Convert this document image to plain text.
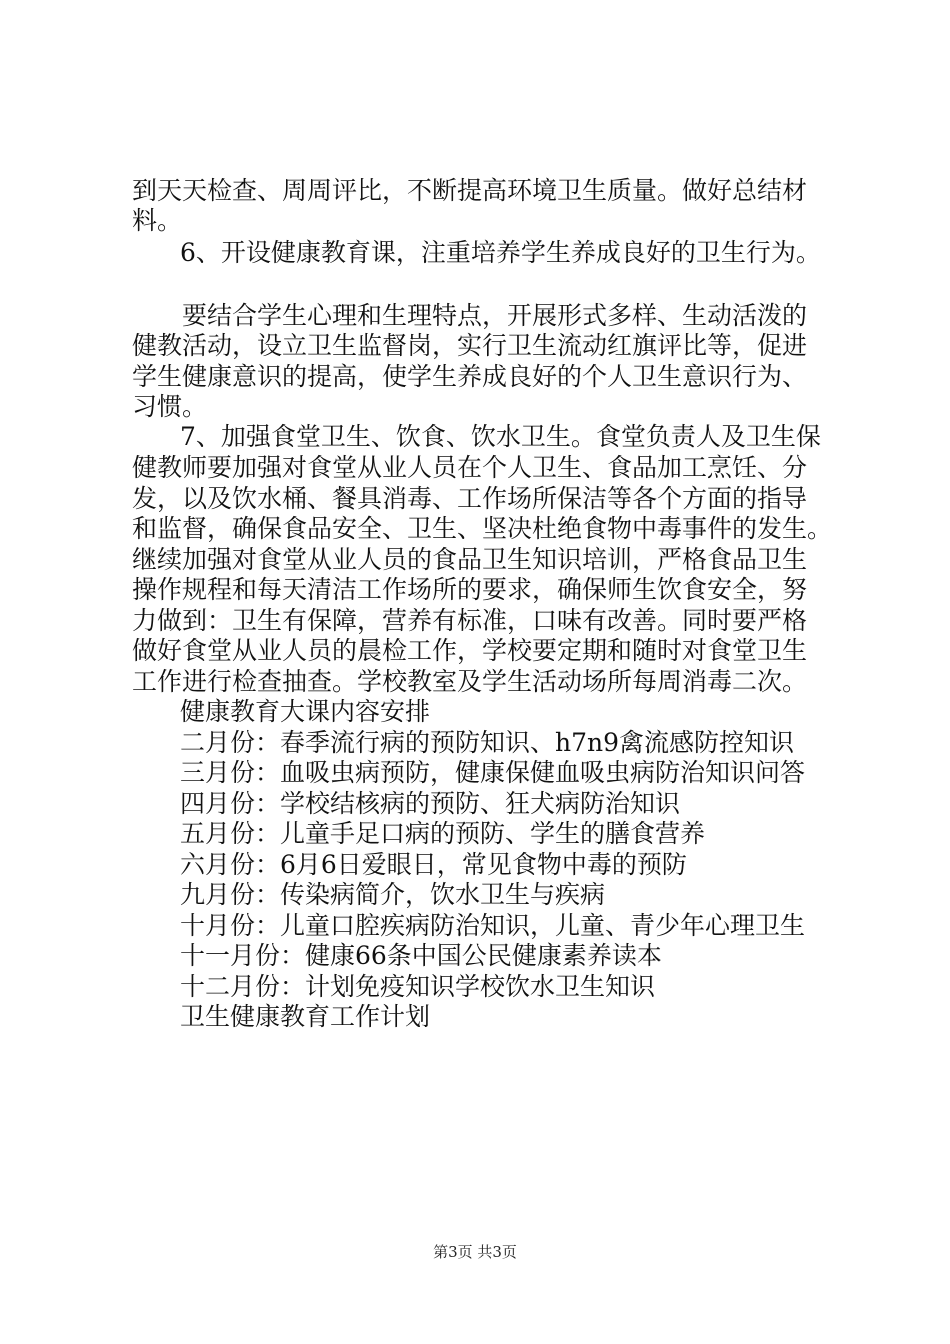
到天天检查、周周评比，不断提高环境卫生质量。做好总结材
料。
6、开设健康教育课，注重培养学生养成良好的卫生行为。
要结合学生心理和生理特点，开展形式多样、生动活泼的
健教活动，设立卫生监督岗，实行卫生流动红旗评比等，促进
学生健康意识的提高，使学生养成良好的个人卫生意识行为、
习惯。
7、加强食堂卫生、饮食、饮水卫生。食堂负责人及卫生保
健教师要加强对食堂从业人员在个人卫生、食品加工烹饪、分
发，以及饮水桶、餐具消毒、工作场所保洁等各个方面的指导
和监督，确保食品安全、卫生、坚决杜绝食物中毒事件的发生。
继续加强对食堂从业人员的食品卫生知识培训，严格食品卫生
操作规程和每天清洁工作场所的要求，确保师生饮食安全，努
力做到：卫生有保障，营养有标准，口味有改善。同时要严格
做好食堂从业人员的晨检工作，学校要定期和随时对食堂卫生
工作进行检查抽查。学校教室及学生活动场所每周消毒二次。
健康教育大课内容安排
二月份：春季流行病的预防知识、h7n9禽流感防控知识
三月份：血吸虫病预防，健康保健血吸虫病防治知识问答
四月份：学校结核病的预防、狂犬病防治知识
五月份：儿童手足口病的预防、学生的膳食营养
六月份：6月6日爱眼日，常见食物中毒的预防
九月份：传染病简介，饮水卫生与疾病
十月份：儿童口腔疾病防治知识，儿童、青少年心理卫生
十一月份：健康66条中国公民健康素养读本
十二月份：计划免疫知识学校饮水卫生知识
卫生健康教育工作计划
第3页 共3页
